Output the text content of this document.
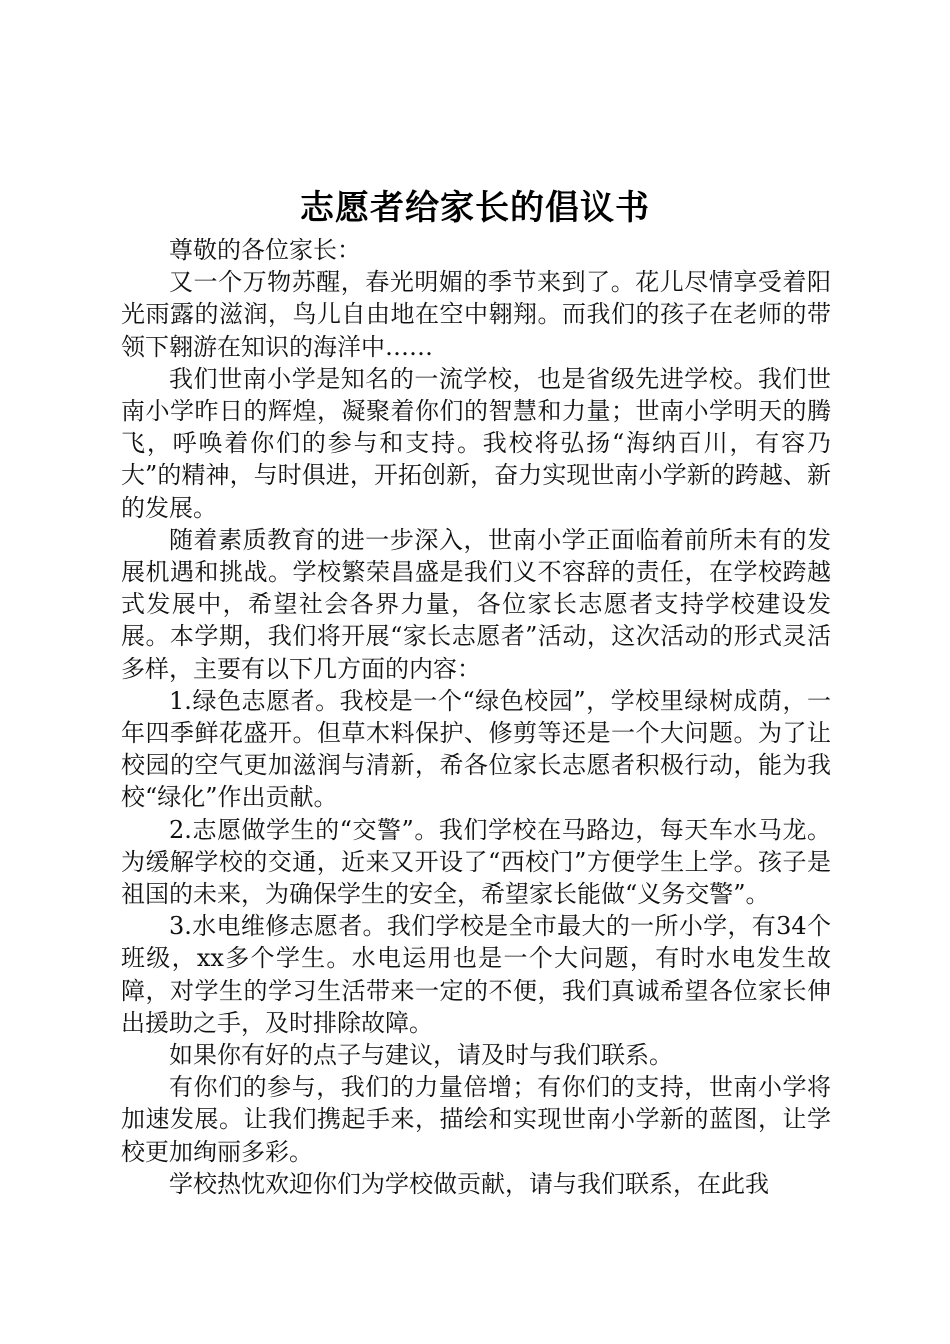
志愿者给家长的倡议书

尊敬的各位家长：

又一个万物苏醒，春光明媚的季节来到了。花儿尽情享受着阳光雨露的滋润，鸟儿自由地在空中翱翔。而我们的孩子在老师的带领下翱游在知识的海洋中……

我们世南小学是知名的一流学校，也是省级先进学校。我们世南小学昨日的辉煌，凝聚着你们的智慧和力量；世南小学明天的腾飞，呼唤着你们的参与和支持。我校将弘扬“海纳百川，有容乃大”的精神，与时俱进，开拓创新，奋力实现世南小学新的跨越、新的发展。

随着素质教育的进一步深入，世南小学正面临着前所未有的发展机遇和挑战。学校繁荣昌盛是我们义不容辞的责任，在学校跨越式发展中，希望社会各界力量，各位家长志愿者支持学校建设发展。本学期，我们将开展“家长志愿者”活动，这次活动的形式灵活多样，主要有以下几方面的内容：

1.绿色志愿者。我校是一个“绿色校园”，学校里绿树成荫，一年四季鲜花盛开。但草木料保护、修剪等还是一个大问题。为了让校园的空气更加滋润与清新，希各位家长志愿者积极行动，能为我校“绿化”作出贡献。

2.志愿做学生的“交警”。我们学校在马路边，每天车水马龙。为缓解学校的交通，近来又开设了“西校门”方便学生上学。孩子是祖国的未来，为确保学生的安全，希望家长能做“义务交警”。

3.水电维修志愿者。我们学校是全市最大的一所小学，有34个班级，xx多个学生。水电运用也是一个大问题，有时水电发生故障，对学生的学习生活带来一定的不便，我们真诚希望各位家长伸出援助之手，及时排除故障。

如果你有好的点子与建议，请及时与我们联系。

有你们的参与，我们的力量倍增；有你们的支持，世南小学将加速发展。让我们携起手来，描绘和实现世南小学新的蓝图，让学校更加绚丽多彩。

学校热忱欢迎你们为学校做贡献，请与我们联系，在此我
